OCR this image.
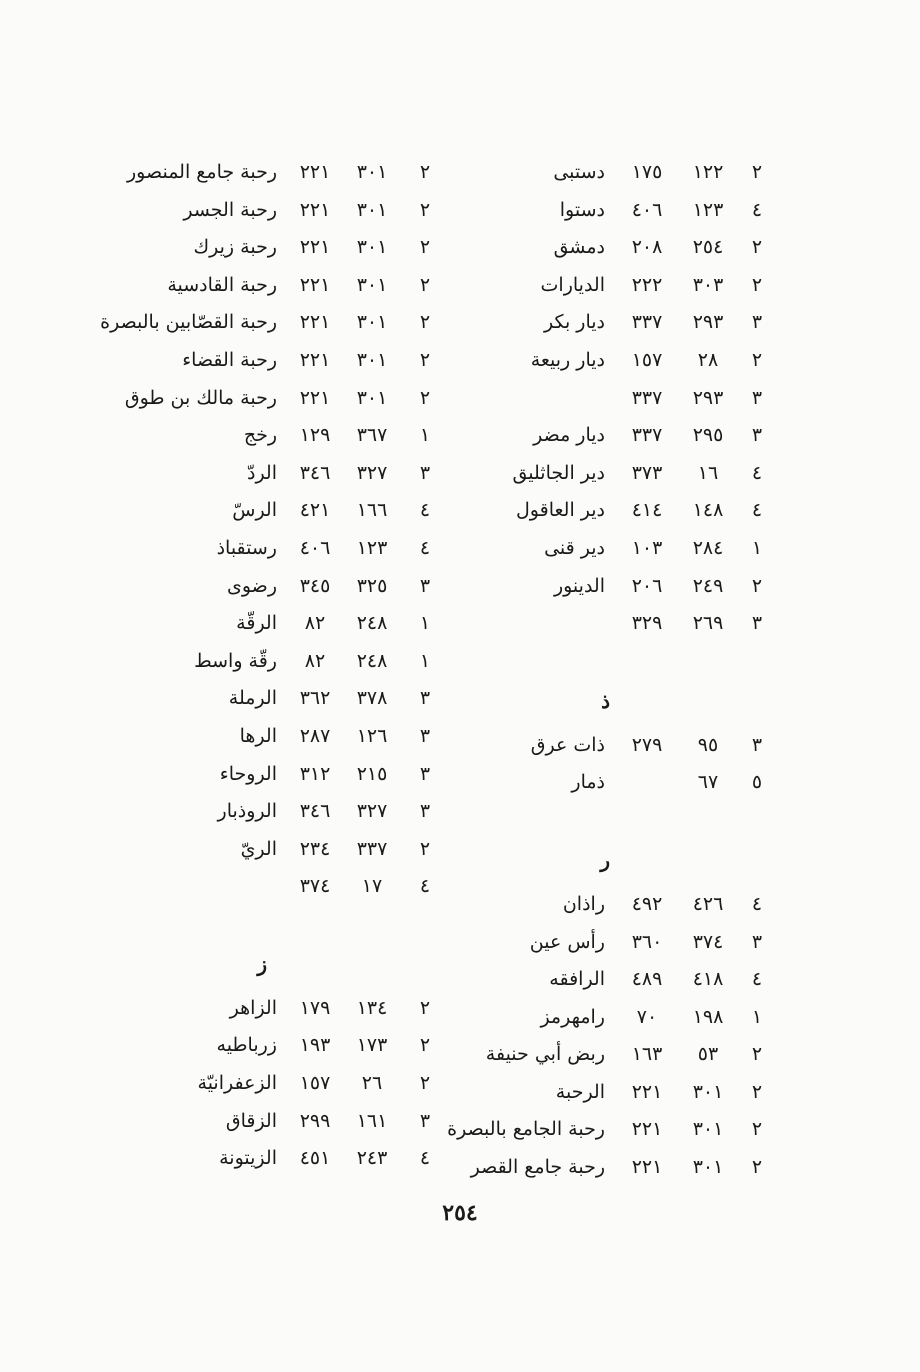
٢
١٢٢
١٧٥
دستبى
٤
١٢٣
٤٠٦
دستوا
٢
٢٥٤
٢٠٨
دمشق
٢
٣٠٣
٢٢٢
الديارات
٣
٢٩٣
٣٣٧
ديار بكر
٢
٢٨
١٥٧
ديار ربيعة
٣
٢٩٣
٣٣٧
٣
٢٩٥
٣٣٧
ديار مضر
٤
١٦
٣٧٣
دير الجاثليق
٤
١٤٨
٤١٤
دير العاقول
١
٢٨٤
١٠٣
دير قنى
٢
٢٤٩
٢٠٦
الدينور
٣
٢٦٩
٣٢٩
ذ
٣
٩٥
٢٧٩
ذات عرق
٥
٦٧
ذمار
ر
٤
٤٢٦
٤٩٢
راذان
٣
٣٧٤
٣٦٠
رأس عين
٤
٤١٨
٤٨٩
الرافقه
١
١٩٨
٧٠
رامهرمز
٢
٥٣
١٦٣
ربض أبي حنيفة
٢
٣٠١
٢٢١
الرحبة
٢
٣٠١
٢٢١
رحبة الجامع بالبصرة
٢
٣٠١
٢٢١
رحبة جامع القصر
٢
٣٠١
٢٢١
رحبة جامع المنصور
٢
٣٠١
٢٢١
رحبة الجسر
٢
٣٠١
٢٢١
رحبة زيرك
٢
٣٠١
٢٢١
رحبة القادسية
٢
٣٠١
٢٢١
رحبة القصّابين بالبصرة
٢
٣٠١
٢٢١
رحبة القضاء
٢
٣٠١
٢٢١
رحبة مالك بن طوق
١
٣٦٧
١٢٩
رخج
٣
٣٢٧
٣٤٦
الردّ
٤
١٦٦
٤٢١
الرسّ
٤
١٢٣
٤٠٦
رستقباذ
٣
٣٢٥
٣٤٥
رضوى
١
٢٤٨
٨٢
الرقّة
١
٢٤٨
٨٢
رقّة واسط
٣
٣٧٨
٣٦٢
الرملة
٣
١٢٦
٢٨٧
الرها
٣
٢١٥
٣١٢
الروحاء
٣
٣٢٧
٣٤٦
الروذبار
٢
٣٣٧
٢٣٤
الريّ
٤
١٧
٣٧٤
ز
٢
١٣٤
١٧٩
الزاهر
٢
١٧٣
١٩٣
زرباطيه
٢
٢٦
١٥٧
الزعفرانيّة
٣
١٦١
٢٩٩
الزقاق
٤
٢٤٣
٤٥١
الزيتونة
٢٥٤
